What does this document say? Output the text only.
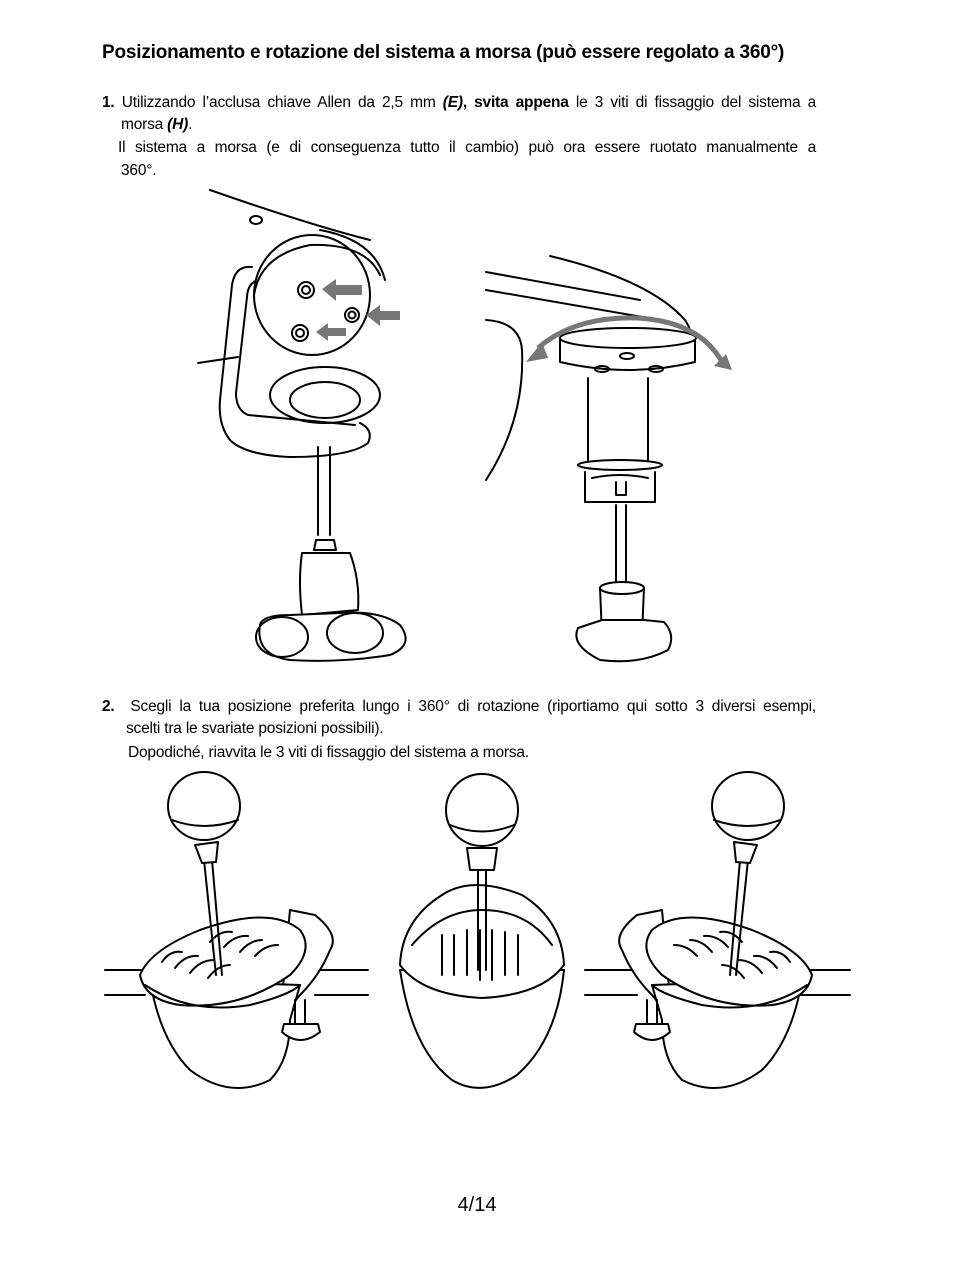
Posizionamento e rotazione del sistema a morsa (può essere regolato a 360°)
1. Utilizzando l’acclusa chiave Allen da 2,5 mm (E), svita appena le 3 viti di fissaggio del sistema a
morsa (H).
Il sistema a morsa (e di conseguenza tutto il cambio) può ora essere ruotato manualmente a
360°.
2. Scegli la tua posizione preferita lungo i 360° di rotazione (riportiamo qui sotto 3 diversi esempi,
scelti tra le svariate posizioni possibili).
Dopodiché, riavvita le 3 viti di fissaggio del sistema a morsa.
4/14
